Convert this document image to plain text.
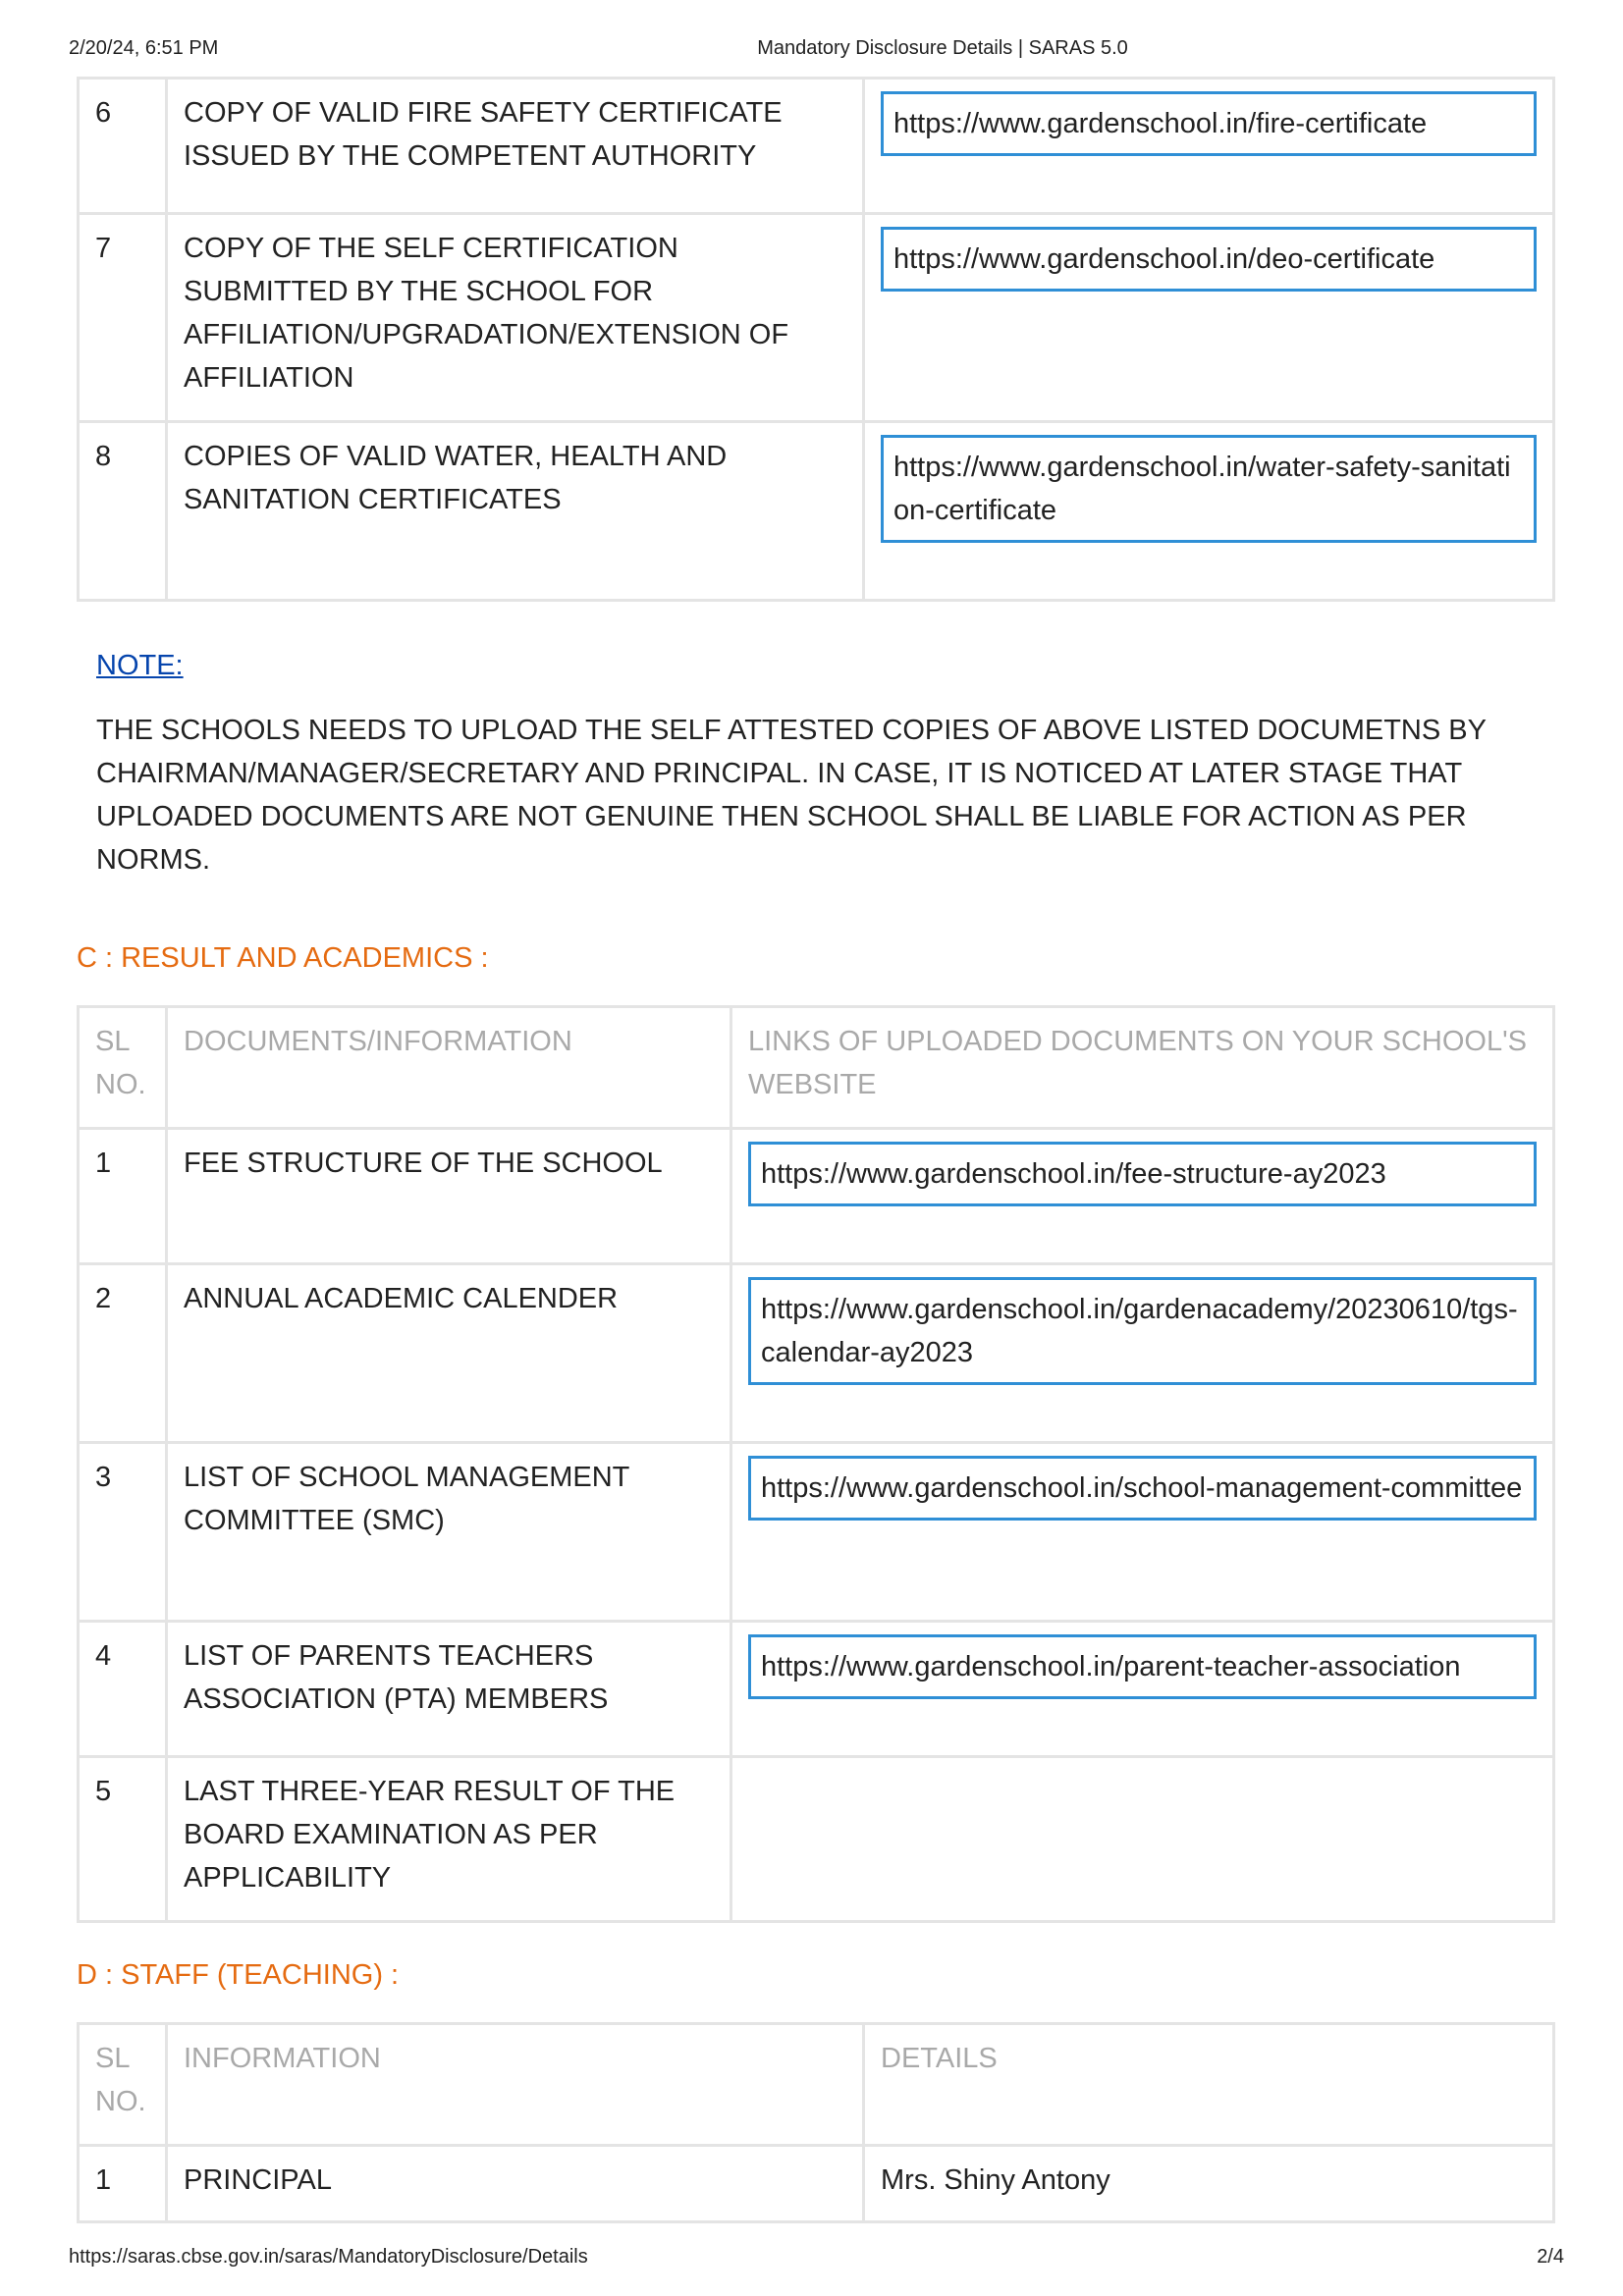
2/20/24, 6:51 PM	Mandatory Disclosure Details | SARAS 5.0
6	COPY OF VALID FIRE SAFETY CERTIFICATE ISSUED BY THE COMPETENT AUTHORITY	https://www.gardenschool.in/fire-certificate

7	COPY OF THE SELF CERTIFICATION SUBMITTED BY THE SCHOOL FOR AFFILIATION/UPGRADATION/EXTENSION OF AFFILIATION	https://www.gardenschool.in/deo-certificate

8	COPIES OF VALID WATER, HEALTH AND SANITATION CERTIFICATES	https://www.gardenschool.in/water-safety-sanitation-certificate
NOTE:
THE SCHOOLS NEEDS TO UPLOAD THE SELF ATTESTED COPIES OF ABOVE LISTED DOCUMETNS BY CHAIRMAN/MANAGER/SECRETARY AND PRINCIPAL. IN CASE, IT IS NOTICED AT LATER STAGE THAT UPLOADED DOCUMENTS ARE NOT GENUINE THEN SCHOOL SHALL BE LIABLE FOR ACTION AS PER NORMS.
C : RESULT AND ACADEMICS :
SL NO.	DOCUMENTS/INFORMATION	LINKS OF UPLOADED DOCUMENTS ON YOUR SCHOOL'S WEBSITE
1	FEE STRUCTURE OF THE SCHOOL	https://www.gardenschool.in/fee-structure-ay2023

2	ANNUAL ACADEMIC CALENDER	https://www.gardenschool.in/gardenacademy/20230610/tgs-calendar-ay2023

3	LIST OF SCHOOL MANAGEMENT COMMITTEE (SMC)	https://www.gardenschool.in/school-management-committee

4	LIST OF PARENTS TEACHERS ASSOCIATION (PTA) MEMBERS	https://www.gardenschool.in/parent-teacher-association

5	LAST THREE-YEAR RESULT OF THE BOARD EXAMINATION AS PER APPLICABILITY	
D : STAFF (TEACHING) :
SL NO.	INFORMATION	DETAILS
1	PRINCIPAL	Mrs. Shiny Antony
https://saras.cbse.gov.in/saras/MandatoryDisclosure/Details	2/4
